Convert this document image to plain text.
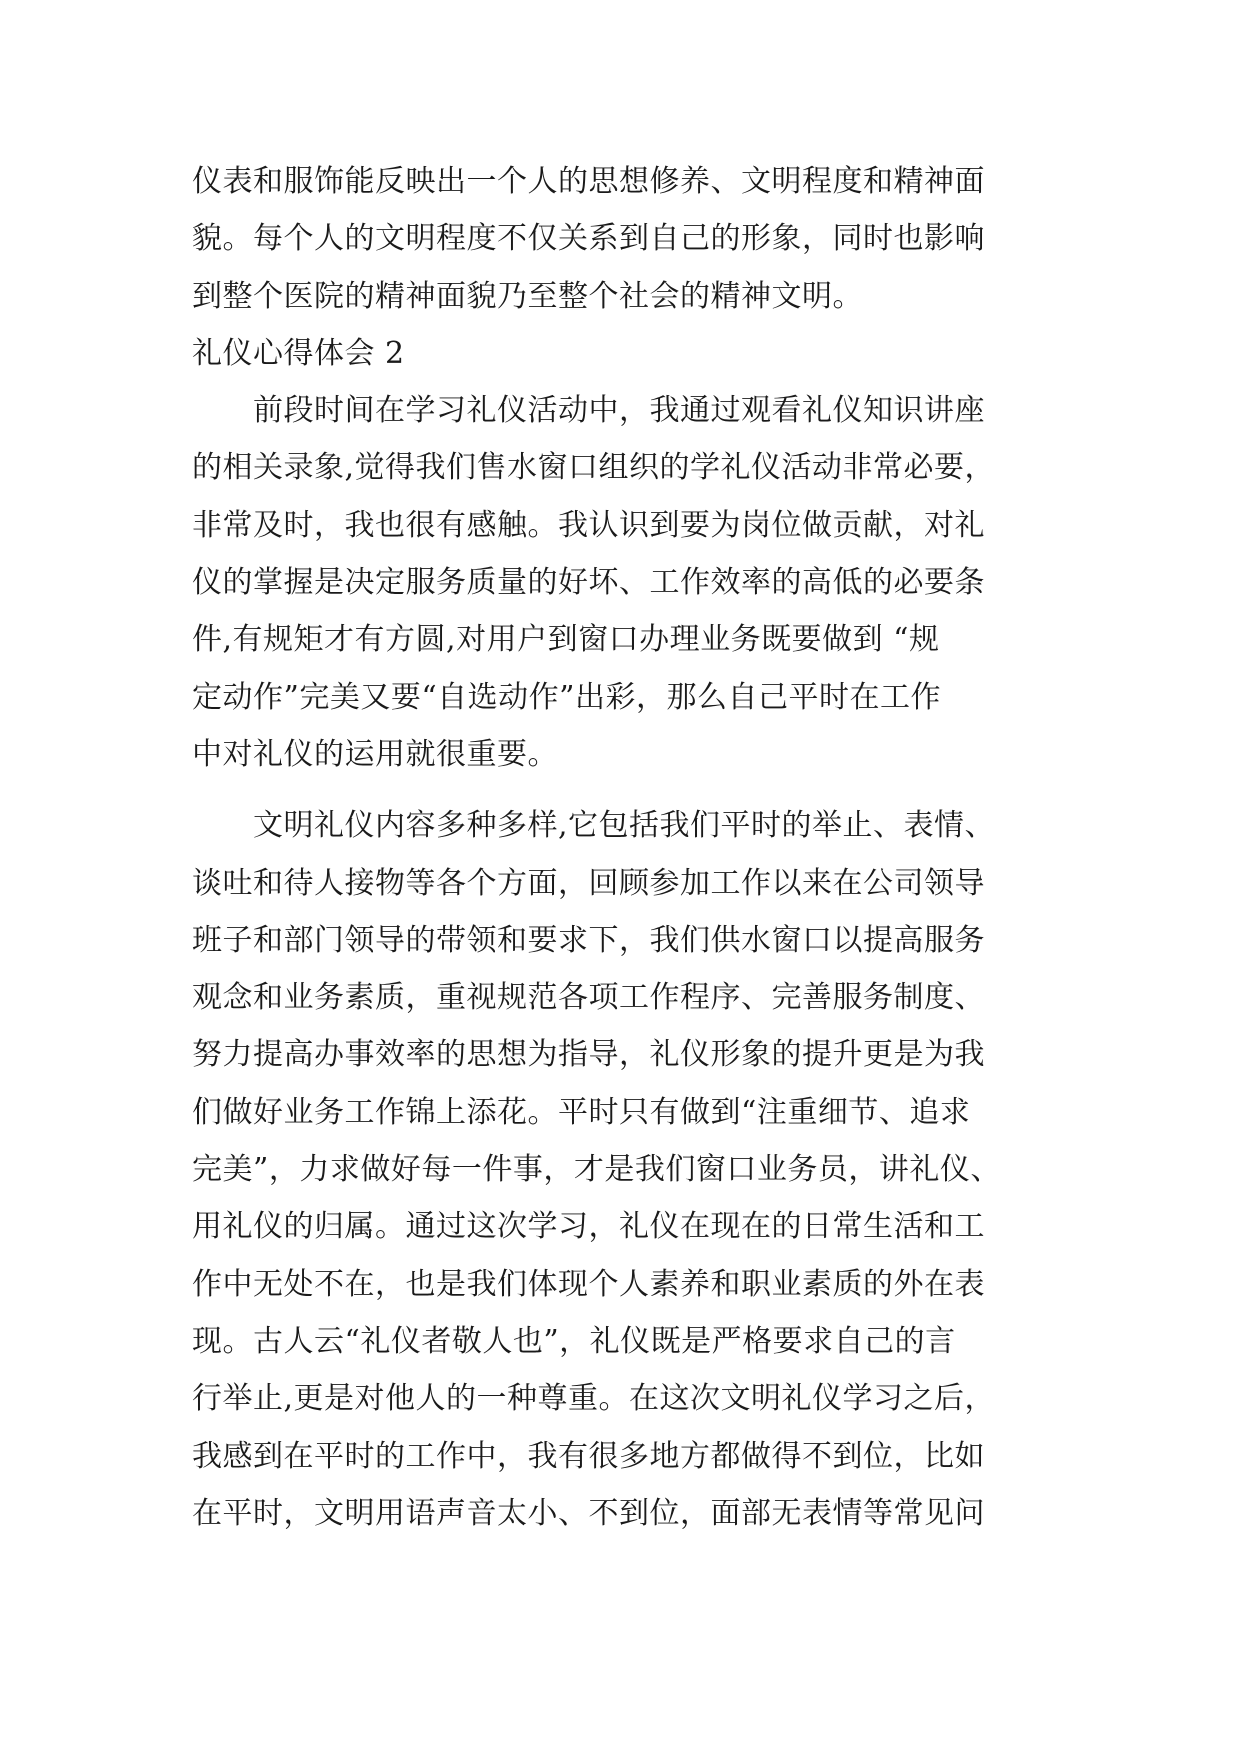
仪表和服饰能反映出一个人的思想修养、文明程度和精神面
貌。每个人的文明程度不仅关系到自己的形象，同时也影响
到整个医院的精神面貌乃至整个社会的精神文明。
礼仪心得体会 2
　　前段时间在学习礼仪活动中，我通过观看礼仪知识讲座
的相关录象,觉得我们售水窗口组织的学礼仪活动非常必要，
非常及时，我也很有感触。我认识到要为岗位做贡献，对礼
仪的掌握是决定服务质量的好坏、工作效率的高低的必要条
件,有规矩才有方圆,对用户到窗口办理业务既要做到 “规
定动作”完美又要“自选动作”出彩，那么自己平时在工作
中对礼仪的运用就很重要。
　　文明礼仪内容多种多样,它包括我们平时的举止、表情、
谈吐和待人接物等各个方面，回顾参加工作以来在公司领导
班子和部门领导的带领和要求下，我们供水窗口以提高服务
观念和业务素质，重视规范各项工作程序、完善服务制度、
努力提高办事效率的思想为指导，礼仪形象的提升更是为我
们做好业务工作锦上添花。平时只有做到“注重细节、追求
完美”，力求做好每一件事，才是我们窗口业务员，讲礼仪、
用礼仪的归属。通过这次学习，礼仪在现在的日常生活和工
作中无处不在，也是我们体现个人素养和职业素质的外在表
现。古人云“礼仪者敬人也”，礼仪既是严格要求自己的言
行举止,更是对他人的一种尊重。在这次文明礼仪学习之后，
我感到在平时的工作中，我有很多地方都做得不到位，比如
在平时，文明用语声音太小、不到位，面部无表情等常见问
